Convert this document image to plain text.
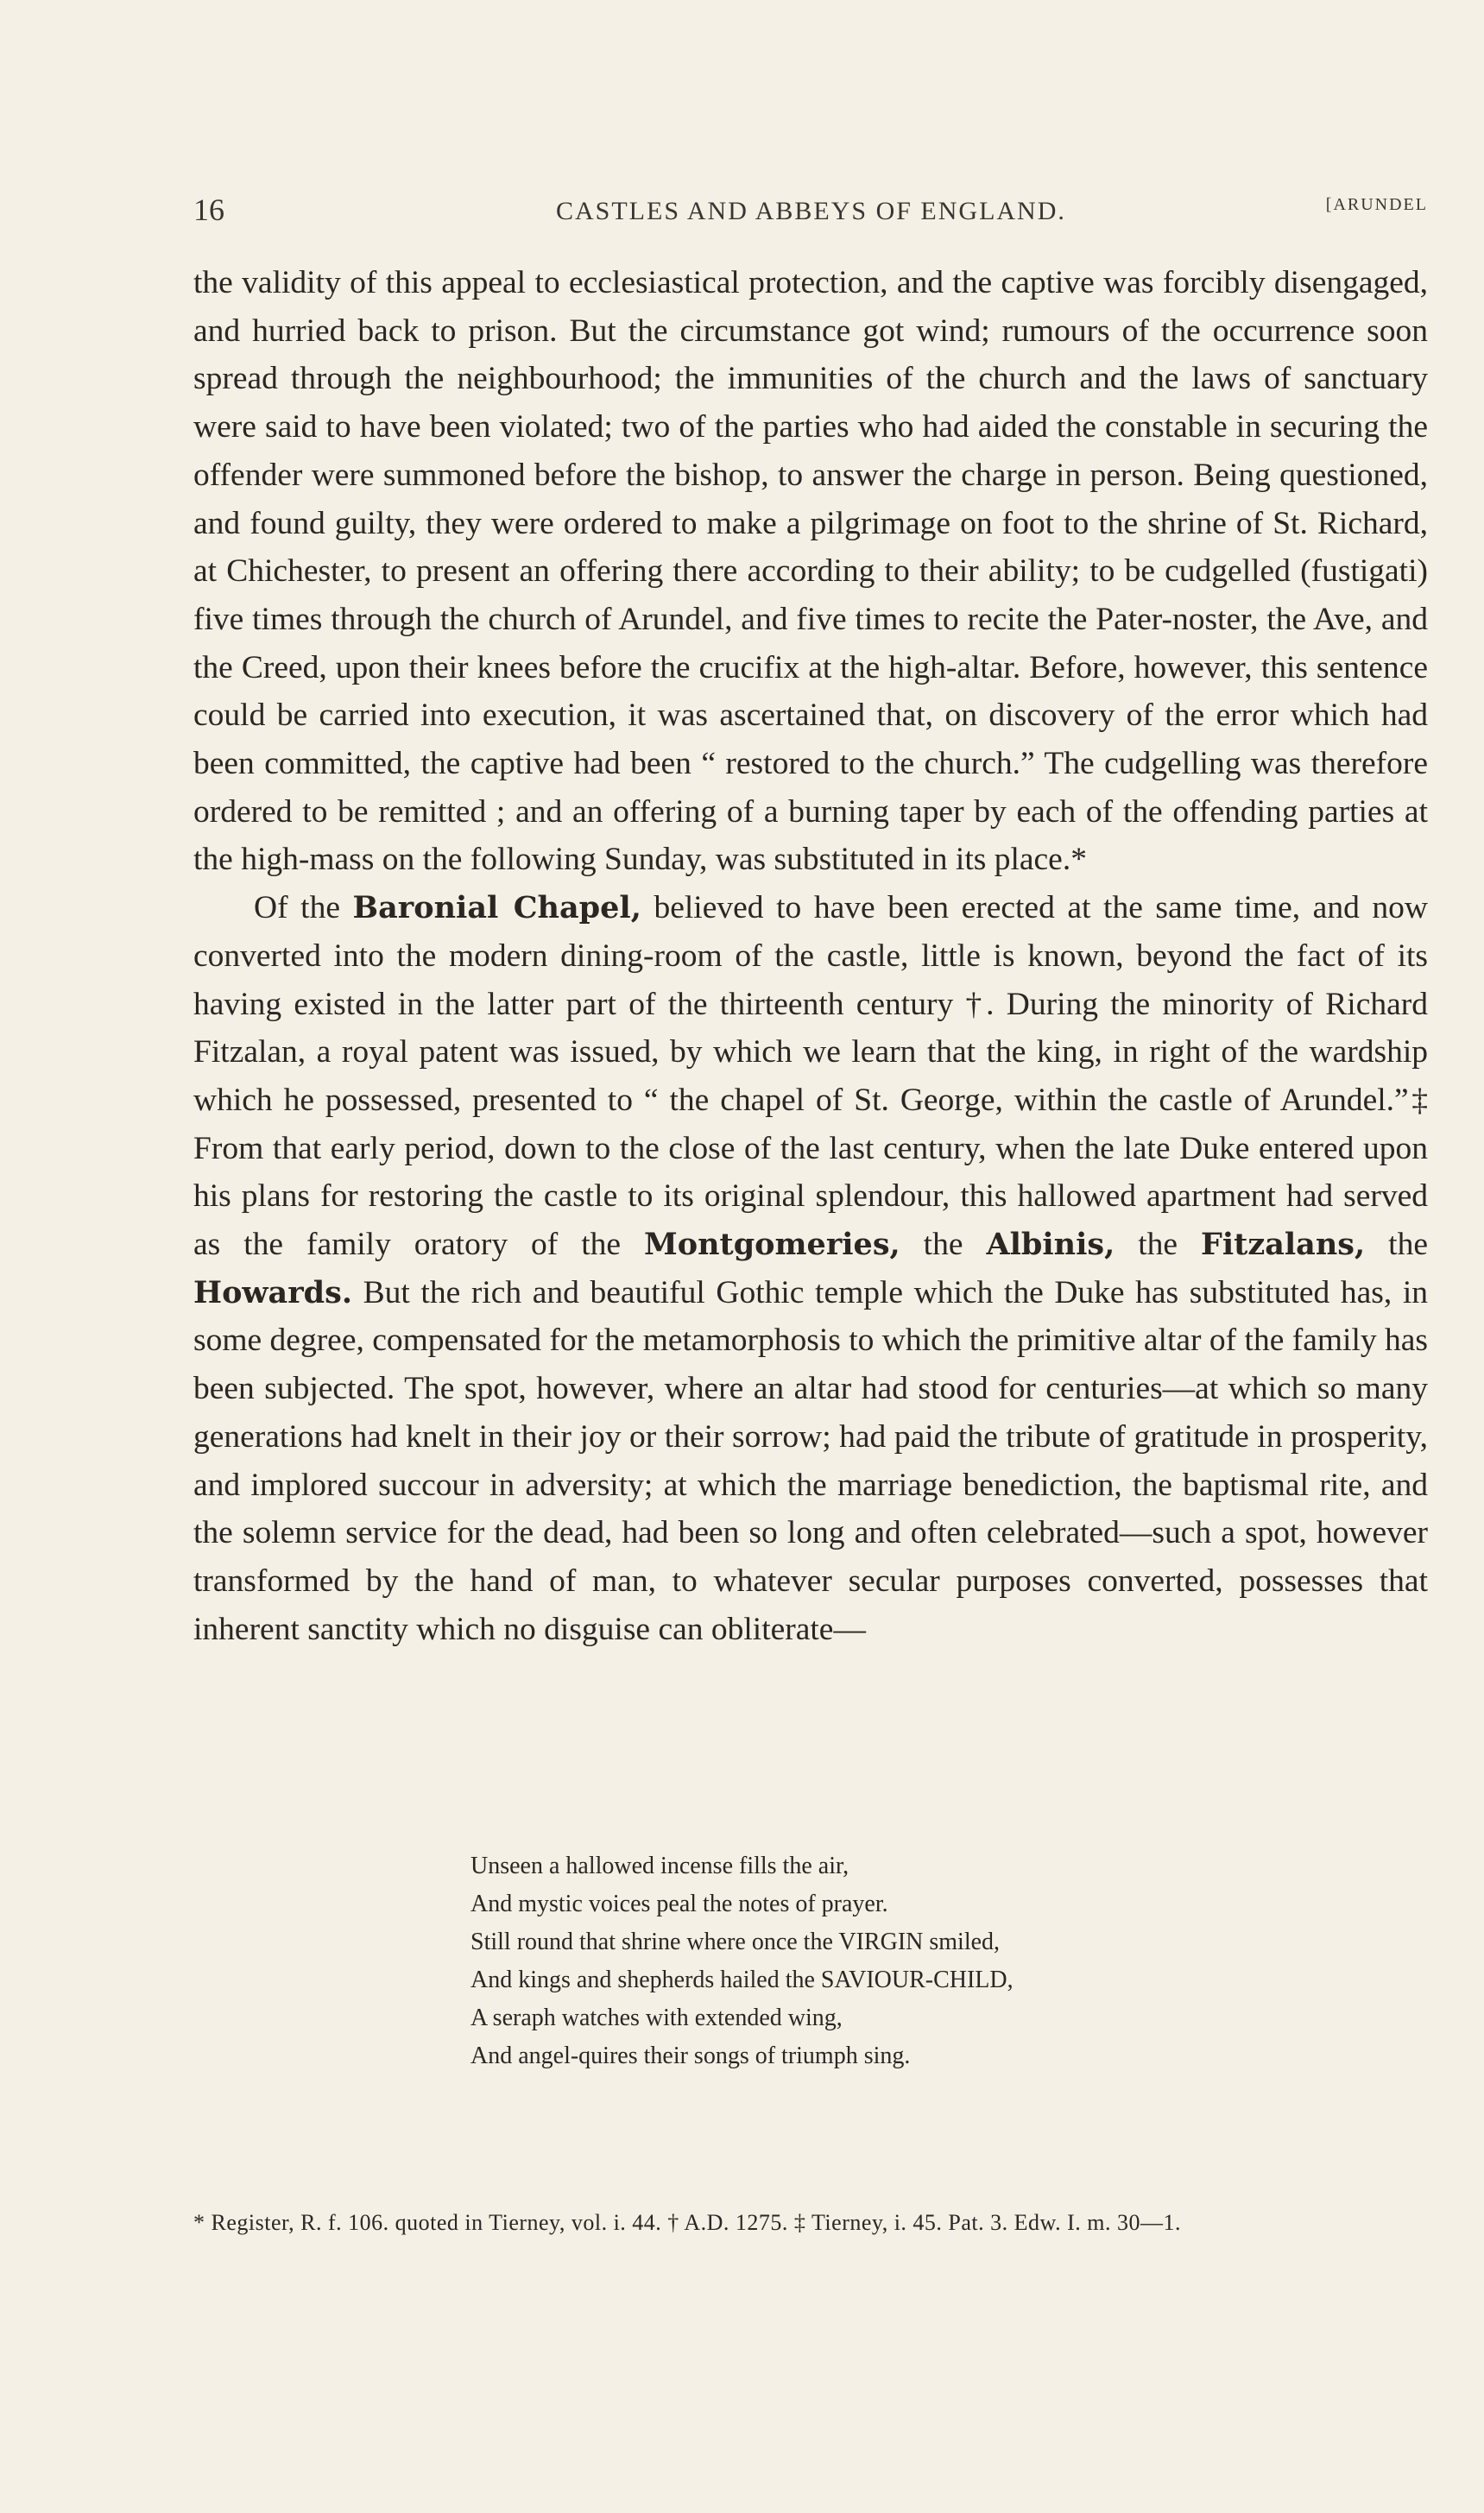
16	CASTLES AND ABBEYS OF ENGLAND.	[ARUNDEL

the validity of this appeal to ecclesiastical protection, and the captive was forcibly disengaged, and hurried back to prison. But the circumstance got wind; rumours of the occurrence soon spread through the neighbourhood; the immunities of the church and the laws of sanctuary were said to have been violated; two of the parties who had aided the constable in securing the offender were summoned before the bishop, to answer the charge in person. Being questioned, and found guilty, they were ordered to make a pilgrimage on foot to the shrine of St. Richard, at Chichester, to present an offering there according to their ability; to be cudgelled (fustigati) five times through the church of Arundel, and five times to recite the Pater-noster, the Ave, and the Creed, upon their knees before the crucifix at the high-altar. Before, however, this sentence could be carried into execution, it was ascertained that, on discovery of the error which had been committed, the captive had been “ restored to the church.” The cudgelling was therefore ordered to be remitted ; and an offering of a burning taper by each of the offending parties at the high-mass on the following Sunday, was substituted in its place.*

Of the Baronial Chapel, believed to have been erected at the same time, and now converted into the modern dining-room of the castle, little is known, beyond the fact of its having existed in the latter part of the thirteenth century †. During the minority of Richard Fitzalan, a royal patent was issued, by which we learn that the king, in right of the wardship which he possessed, presented to “ the chapel of St. George, within the castle of Arundel.”‡ From that early period, down to the close of the last century, when the late Duke entered upon his plans for restoring the castle to its original splendour, this hallowed apartment had served as the family oratory of the Montgomeries, the Albinis, the Fitzalans, the Howards. But the rich and beautiful Gothic temple which the Duke has substituted has, in some degree, compensated for the metamorphosis to which the primitive altar of the family has been subjected. The spot, however, where an altar had stood for centuries—at which so many generations had knelt in their joy or their sorrow; had paid the tribute of gratitude in prosperity, and implored succour in adversity; at which the marriage benediction, the baptismal rite, and the solemn service for the dead, had been so long and often celebrated—such a spot, however transformed by the hand of man, to whatever secular purposes converted, possesses that inherent sanctity which no disguise can obliterate—

Unseen a hallowed incense fills the air,
And mystic voices peal the notes of prayer.
Still round that shrine where once the VIRGIN smiled,
And kings and shepherds hailed the SAVIOUR-CHILD,
A seraph watches with extended wing,
And angel-quires their songs of triumph sing.
* Register, R. f. 106. quoted in Tierney, vol. i. 44. † A.D. 1275. ‡ Tierney, i. 45. Pat. 3. Edw. I. m. 30—1.
